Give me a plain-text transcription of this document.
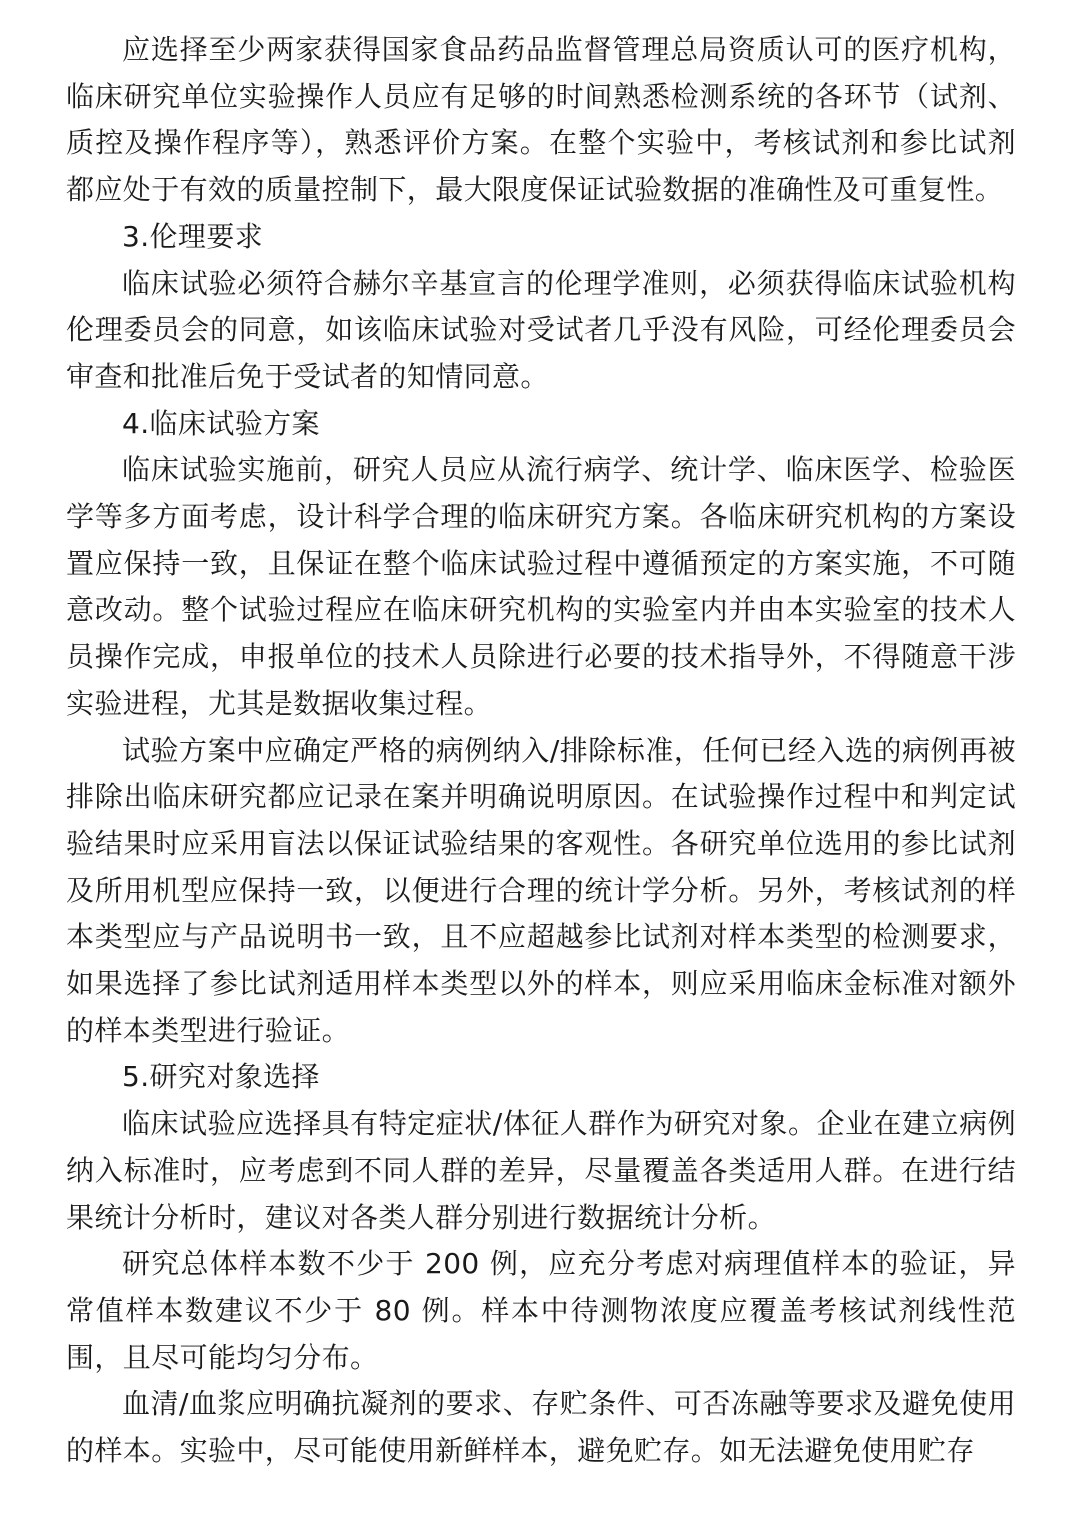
应选择至少两家获得国家食品药品监督管理总局资质认可的医疗机构，临床研究单位实验操作人员应有足够的时间熟悉检测系统的各环节（试剂、质控及操作程序等），熟悉评价方案。在整个实验中，考核试剂和参比试剂都应处于有效的质量控制下，最大限度保证试验数据的准确性及可重复性。

3.伦理要求

临床试验必须符合赫尔辛基宣言的伦理学准则，必须获得临床试验机构伦理委员会的同意，如该临床试验对受试者几乎没有风险，可经伦理委员会审查和批准后免于受试者的知情同意。

4.临床试验方案

临床试验实施前，研究人员应从流行病学、统计学、临床医学、检验医学等多方面考虑，设计科学合理的临床研究方案。各临床研究机构的方案设置应保持一致，且保证在整个临床试验过程中遵循预定的方案实施，不可随意改动。整个试验过程应在临床研究机构的实验室内并由本实验室的技术人员操作完成，申报单位的技术人员除进行必要的技术指导外，不得随意干涉实验进程，尤其是数据收集过程。

试验方案中应确定严格的病例纳入/排除标准，任何已经入选的病例再被排除出临床研究都应记录在案并明确说明原因。在试验操作过程中和判定试验结果时应采用盲法以保证试验结果的客观性。各研究单位选用的参比试剂及所用机型应保持一致，以便进行合理的统计学分析。另外，考核试剂的样本类型应与产品说明书一致，且不应超越参比试剂对样本类型的检测要求，如果选择了参比试剂适用样本类型以外的样本，则应采用临床金标准对额外的样本类型进行验证。

5.研究对象选择

临床试验应选择具有特定症状/体征人群作为研究对象。企业在建立病例纳入标准时，应考虑到不同人群的差异，尽量覆盖各类适用人群。在进行结果统计分析时，建议对各类人群分别进行数据统计分析。

研究总体样本数不少于 200 例，应充分考虑对病理值样本的验证，异常值样本数建议不少于 80 例。样本中待测物浓度应覆盖考核试剂线性范围，且尽可能均匀分布。

血清/血浆应明确抗凝剂的要求、存贮条件、可否冻融等要求及避免使用的样本。实验中，尽可能使用新鲜样本，避免贮存。如无法避免使用贮存
